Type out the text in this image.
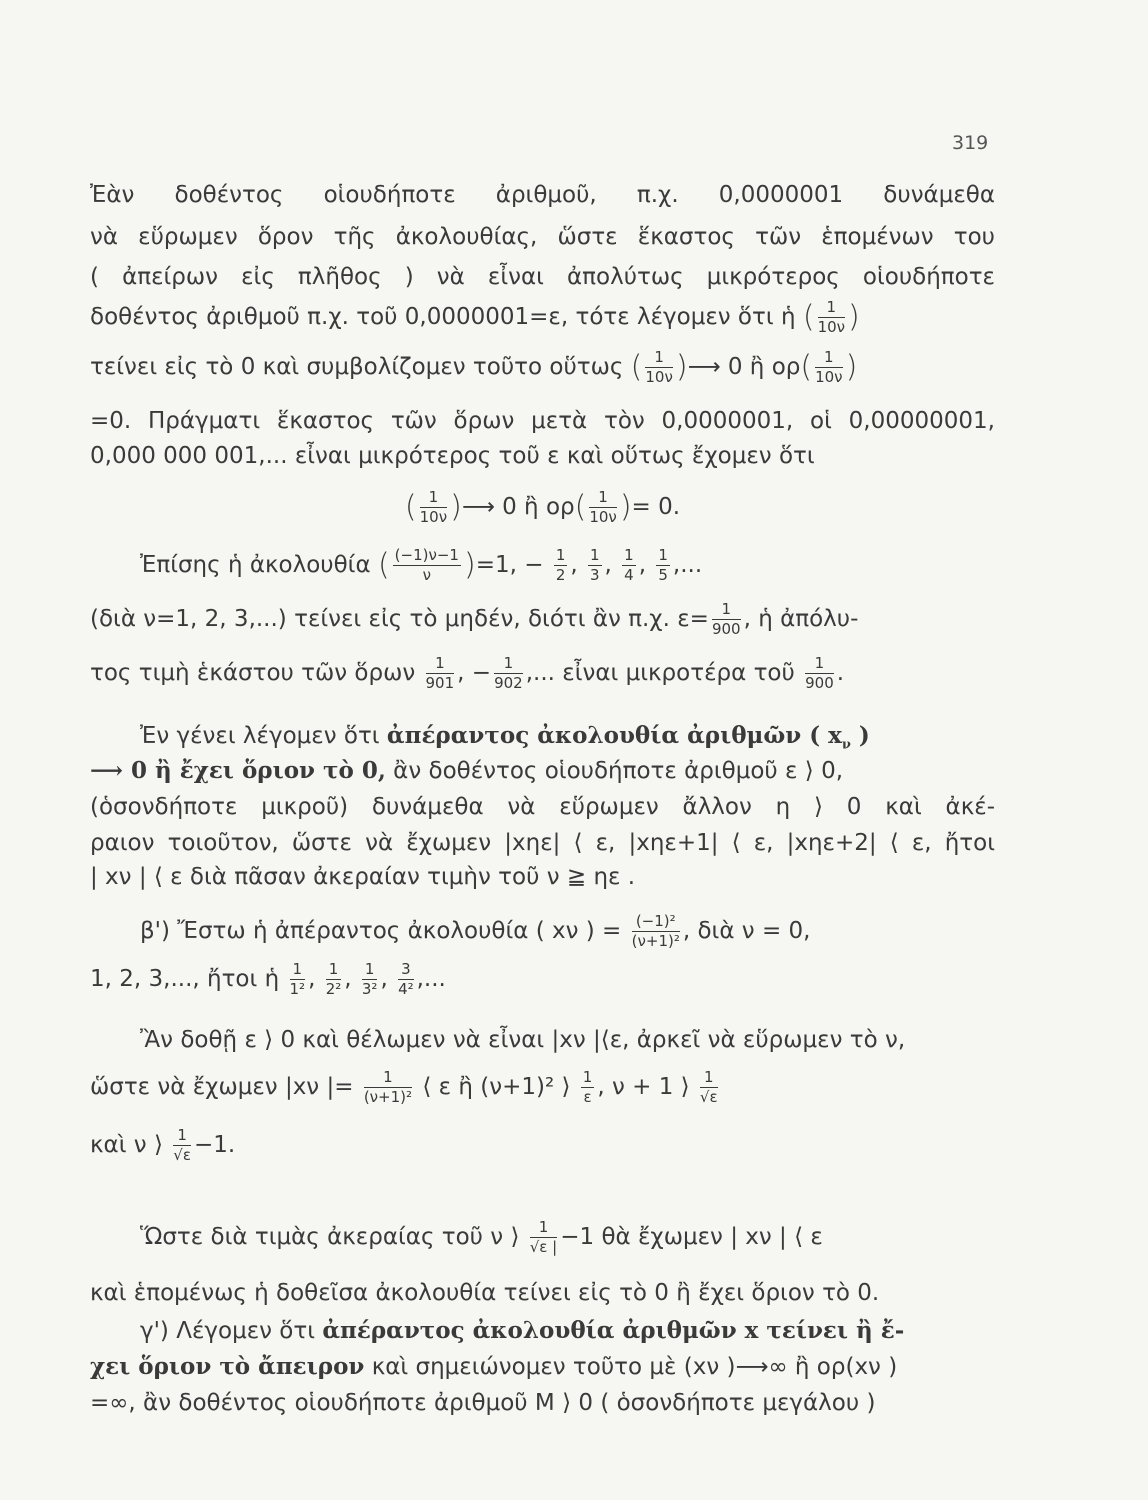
319
Ἐὰν δοθέντος οἱουδήποτε ἀριθμοῦ, π.χ. 0,0000001 δυνάμεθα
νὰ εὕρωμεν ὅρον τῆς ἀκολουθίας, ὥστε ἕκαστος τῶν ἑπομένων του
( ἀπείρων εἰς πλῆθος ) νὰ εἶναι ἀπολύτως μικρότερος οἱουδήποτε
δοθέντος ἀριθμοῦ π.χ. τοῦ 0,0000001=ε, τότε λέγομεν ὅτι ἡ ( $\frac{1}{10\nu}$ )
τείνει εἰς τὸ 0 καὶ συμβολίζομεν τοῦτο οὕτως ( $\frac{1}{10\nu}$ )⟶ 0 ἢ $o\rho( \frac{1}{10\nu}$ )
=0. Πράγματι ἕκαστος τῶν ὅρων μετὰ τὸν 0,0000001, οἱ 0,00000001,
0,000 000 001,... εἶναι μικρότερος τοῦ ε καὶ οὕτως ἔχομεν ὅτι
( $\frac{1}{10\nu}$ )⟶ 0 ἢ $o\rho( \frac{1}{10\nu}$ )= 0.
Ἐπίσης ἡ ἀκολουθία ( $\frac{(-1)\nu-1}{\nu} )=1$, − $\frac{1}{2}$ , $\frac{1}{3}$ , $\frac{1}{4}$ , $\frac{1}{5}$ ,...
(διὰ ν=1, 2, 3,...) τείνει εἰς τὸ μηδέν, διότι ἂν π.χ. $\varepsilon= \frac{1}{900}$ , ἡ ἀπόλυ-
τος τιμὴ ἑκάστου τῶν ὅρων $\frac{1}{901}$ , − $\frac{1}{902}$ ,... εἶναι μικροτέρα τοῦ $\frac{1}{900}$ .
Ἐν γένει λέγομεν ὅτι ἀπέραντος ἀκολουθία ἀριθμῶν ( $x_\nu$ )
⟶ 0 ἢ ἔχει ὅριον τὸ 0, ἂν δοθέντος οἱουδήποτε ἀριθμοῦ ε ⟩ 0,
(ὁσονδήποτε μικροῦ) δυνάμεθα νὰ εὕρωμεν ἄλλον η ⟩ 0 καὶ ἀκέ-
ραιον τοιοῦτον, ὥστε νὰ ἔχωμεν |xηε| ⟨ ε, |xηε+1| ⟨ ε, |xηε+2| ⟨ ε, ἤτοι
| xν | ⟨ ε διὰ πᾶσαν ἀκεραίαν τιμὴν τοῦ ν ≧ ηε .
β') Ἔστω ἡ ἀπέραντος ἀκολουθία ( xν ) = $\frac{\text{(−1)²}}{\text{(ν+1)²}}$ , διὰ ν = 0,
1, 2, 3,..., ἤτοι ἡ $\frac{1}{\text{1²}}$ , $\frac{1}{\text{2²}}$ , $\frac{1}{\text{3²}}$ , $\frac{3}{\text{4²}}$ ,...
Ἂν δοθῇ ε ⟩ 0 καὶ θέλωμεν νὰ εἶναι |xν |⟨ε, ἀρκεῖ νὰ εὕρωμεν τὸ ν,
ὥστε νὰ ἔχωμεν |xν |= $\frac{1}{\text{(ν+1)²}}$ ⟨ ε ἢ (ν+1)² ⟩ $\frac{1}{\varepsilon}$ , ν + 1 ⟩ $\frac{1}{√\varepsilon}$
καὶ ν ⟩ $\frac{1}{√\varepsilon} -1$.
Ὥστε διὰ τιμὰς ἀκεραίας τοῦ ν ⟩ $\frac{1}{√\varepsilon |} -1$ θὰ ἔχωμεν | xν | ⟨ ε
καὶ ἑπομένως ἡ δοθεῖσα ἀκολουθία τείνει εἰς τὸ 0 ἢ ἔχει ὅριον τὸ 0.
γ') Λέγομεν ὅτι ἀπέραντος ἀκολουθία ἀριθμῶν x τείνει ἢ ἔ-
χει ὅριον τὸ ἄπειρον καὶ σημειώνομεν τοῦτο μὲ (xν )⟶∞ ἢ ορ(xν )
=∞, ἂν δοθέντος οἱουδήποτε ἀριθμοῦ Μ ⟩ 0 ( ὁσονδήποτε μεγάλου )
